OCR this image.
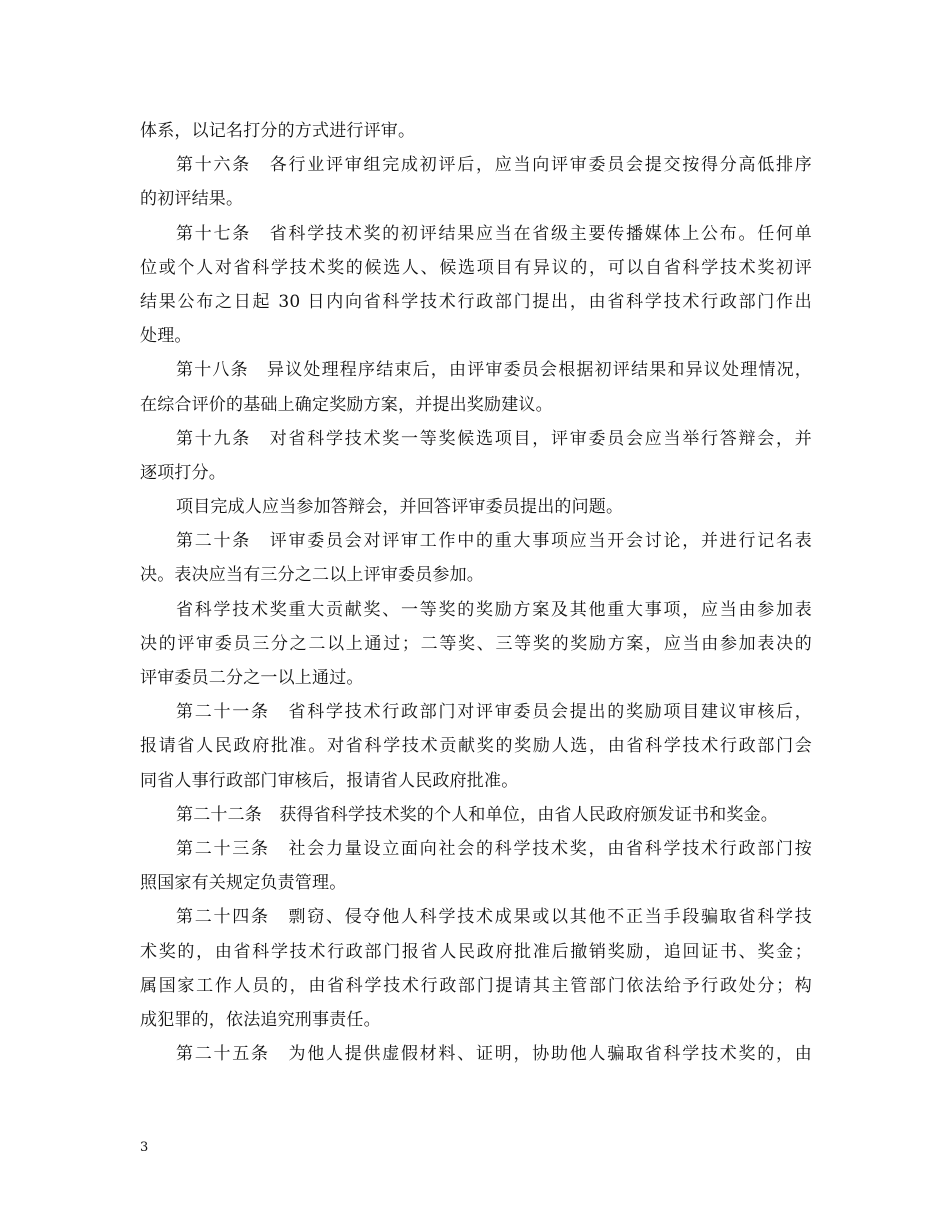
体系，以记名打分的方式进行评审。
第十六条　各行业评审组完成初评后，应当向评审委员会提交按得分高低排序
的初评结果。
第十七条　省科学技术奖的初评结果应当在省级主要传播媒体上公布。任何单
位或个人对省科学技术奖的候选人、候选项目有异议的，可以自省科学技术奖初评
结果公布之日起 30 日内向省科学技术行政部门提出，由省科学技术行政部门作出
处理。
第十八条　异议处理程序结束后，由评审委员会根据初评结果和异议处理情况，
在综合评价的基础上确定奖励方案，并提出奖励建议。
第十九条　对省科学技术奖一等奖候选项目，评审委员会应当举行答辩会，并
逐项打分。
项目完成人应当参加答辩会，并回答评审委员提出的问题。
第二十条　评审委员会对评审工作中的重大事项应当开会讨论，并进行记名表
决。表决应当有三分之二以上评审委员参加。
省科学技术奖重大贡献奖、一等奖的奖励方案及其他重大事项，应当由参加表
决的评审委员三分之二以上通过；二等奖、三等奖的奖励方案，应当由参加表决的
评审委员二分之一以上通过。
第二十一条　省科学技术行政部门对评审委员会提出的奖励项目建议审核后，
报请省人民政府批准。对省科学技术贡献奖的奖励人选，由省科学技术行政部门会
同省人事行政部门审核后，报请省人民政府批准。
第二十二条　获得省科学技术奖的个人和单位，由省人民政府颁发证书和奖金。
第二十三条　社会力量设立面向社会的科学技术奖，由省科学技术行政部门按
照国家有关规定负责管理。
第二十四条　剽窃、侵夺他人科学技术成果或以其他不正当手段骗取省科学技
术奖的，由省科学技术行政部门报省人民政府批准后撤销奖励，追回证书、奖金；
属国家工作人员的，由省科学技术行政部门提请其主管部门依法给予行政处分；构
成犯罪的，依法追究刑事责任。
第二十五条　为他人提供虚假材料、证明，协助他人骗取省科学技术奖的，由
3
